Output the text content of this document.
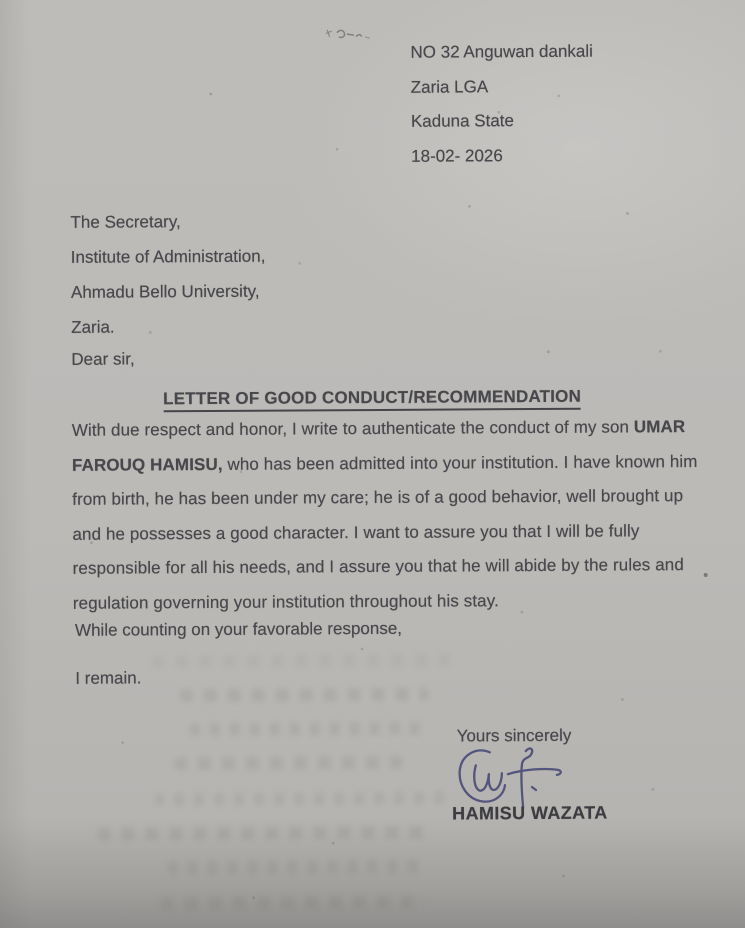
NO 32 Anguwan dankali

Zaria LGA

Kaduna State

18-02- 2026

The Secretary,

Institute of Administration,

Ahmadu Bello University,

Zaria.

Dear sir,

LETTER OF GOOD CONDUCT/RECOMMENDATION

With due respect and honor, I write to authenticate the conduct of my son UMAR FAROUQ HAMISU, who has been admitted into your institution. I have known him from birth, he has been under my care; he is of a good behavior, well brought up and he possesses a good character. I want to assure you that I will be fully responsible for all his needs, and I assure you that he will abide by the rules and regulation governing your institution throughout his stay.

While counting on your favorable response,

I remain.

Yours sincerely

HAMISU WAZATA
